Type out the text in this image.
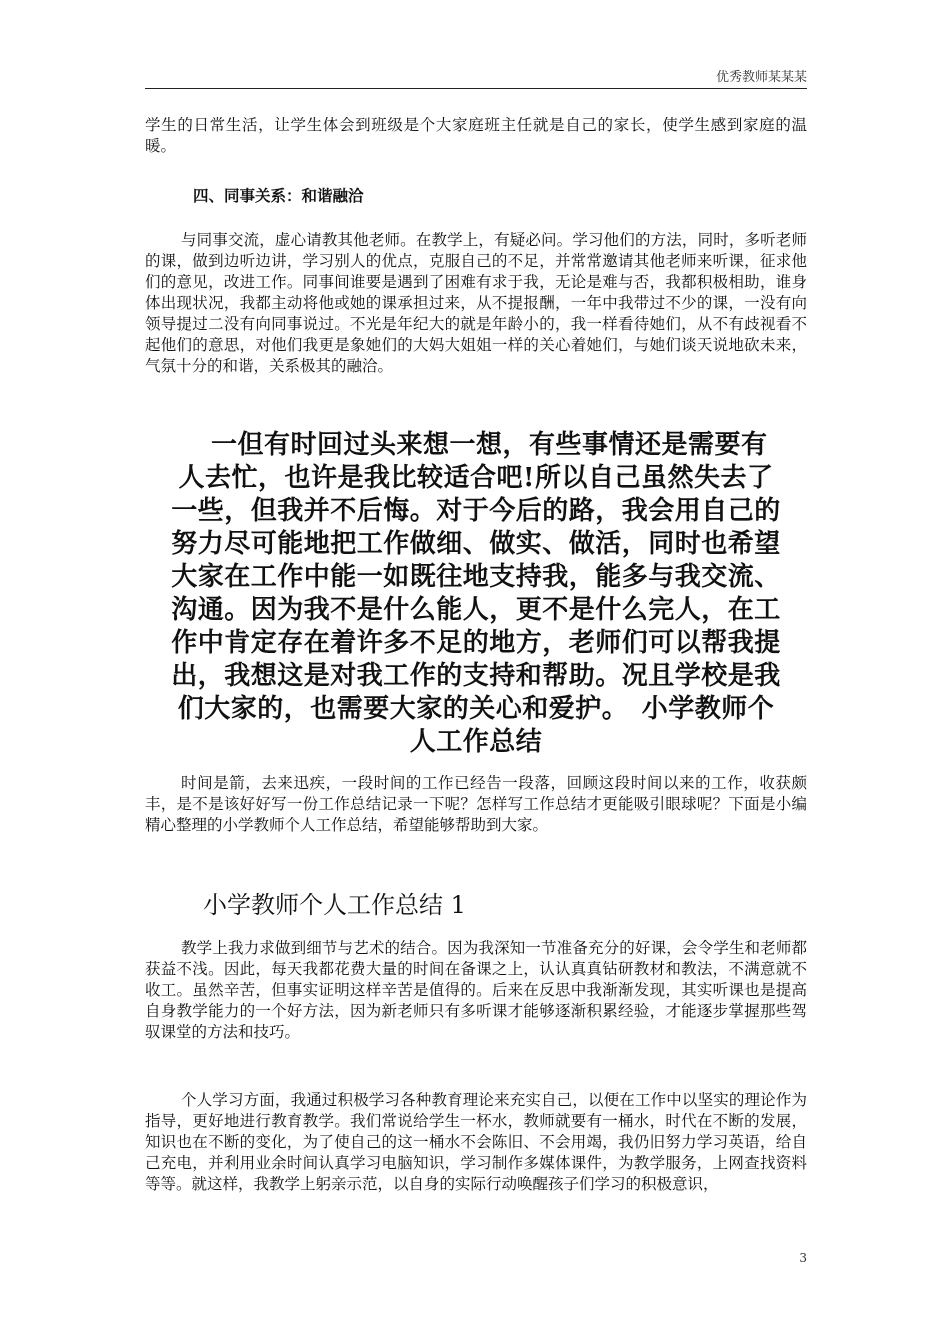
优秀教师某某某

学生的日常生活，让学生体会到班级是个大家庭班主任就是自己的家长，使学生感到家庭的温暖。

四、同事关系：和谐融洽

与同事交流，虚心请教其他老师。在教学上，有疑必问。学习他们的方法，同时，多听老师的课，做到边听边讲，学习别人的优点，克服自己的不足，并常常邀请其他老师来听课，征求他们的意见，改进工作。同事间谁要是遇到了困难有求于我，无论是难与否，我都积极相助，谁身体出现状况，我都主动将他或她的课承担过来，从不提报酬，一年中我带过不少的课，一没有向领导提过二没有向同事说过。不光是年纪大的就是年龄小的，我一样看待她们，从不有歧视看不起他们的意思，对他们我更是象她们的大妈大姐姐一样的关心着她们，与她们谈天说地砍未来，气氛十分的和谐，关系极其的融洽。

　一但有时回过头来想一想，有些事情还是需要有
人去忙，也许是我比较适合吧!所以自己虽然失去了
一些，但我并不后悔。对于今后的路，我会用自己的
努力尽可能地把工作做细、做实、做活，同时也希望
大家在工作中能一如既往地支持我，能多与我交流、
沟通。因为我不是什么能人，更不是什么完人，在工
作中肯定存在着许多不足的地方，老师们可以帮我提
出，我想这是对我工作的支持和帮助。况且学校是我
们大家的，也需要大家的关心和爱护。　小学教师个
人工作总结

时间是箭，去来迅疾，一段时间的工作已经告一段落，回顾这段时间以来的工作，收获颇丰，是不是该好好写一份工作总结记录一下呢？怎样写工作总结才更能吸引眼球呢？下面是小编精心整理的小学教师个人工作总结，希望能够帮助到大家。

小学教师个人工作总结 1

教学上我力求做到细节与艺术的结合。因为我深知一节准备充分的好课，会令学生和老师都获益不浅。因此，每天我都花费大量的时间在备课之上，认认真真钻研教材和教法，不满意就不收工。虽然辛苦，但事实证明这样辛苦是值得的。后来在反思中我渐渐发现，其实听课也是提高自身教学能力的一个好方法，因为新老师只有多听课才能够逐渐积累经验，才能逐步掌握那些驾驭课堂的方法和技巧。

个人学习方面，我通过积极学习各种教育理论来充实自己，以便在工作中以坚实的理论作为指导，更好地进行教育教学。我们常说给学生一杯水，教师就要有一桶水，时代在不断的发展，知识也在不断的变化，为了使自己的这一桶水不会陈旧、不会用竭，我仍旧努力学习英语，给自己充电，并利用业余时间认真学习电脑知识，学习制作多媒体课件，为教学服务，上网查找资料等等。就这样，我教学上躬亲示范，以自身的实际行动唤醒孩子们学习的积极意识，

3
